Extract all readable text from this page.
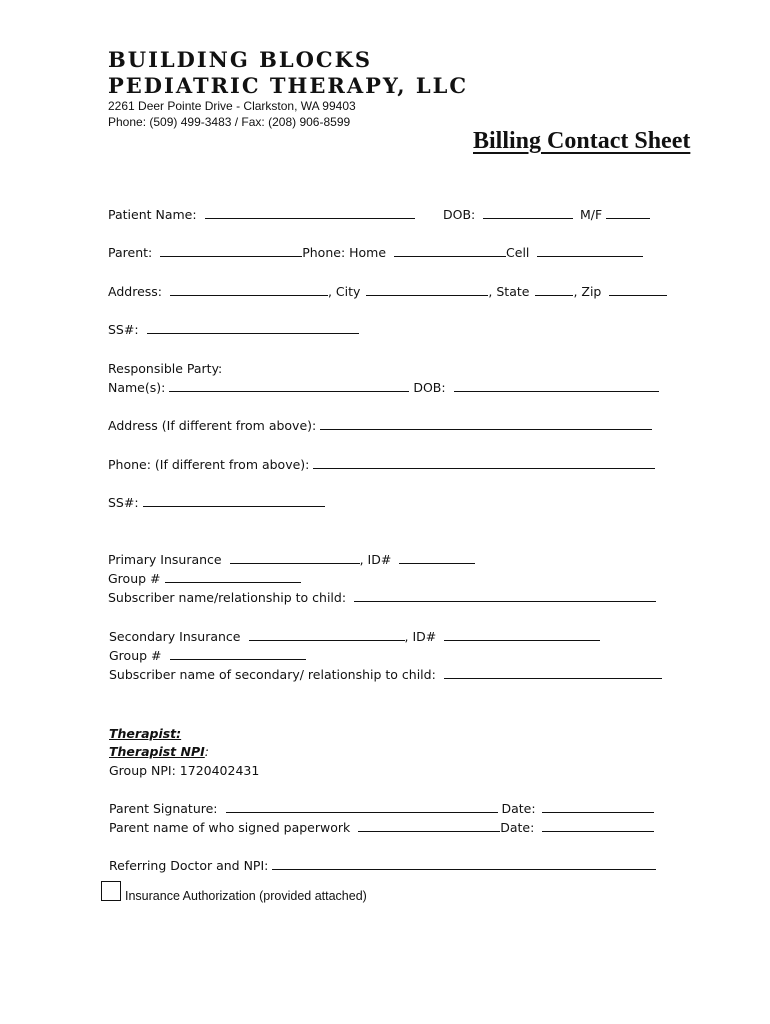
BUILDING BLOCKS
PEDIATRIC THERAPY, LLC
2261 Deer Pointe Drive - Clarkston, WA 99403
Phone: (509) 499-3483 / Fax: (208) 906-8599
Billing Contact Sheet
Patient Name:	DOB:	M/F
Parent:	Phone: Home	Cell
Address:	, City	, State	, Zip
SS#:
Responsible Party:
Name(s):	DOB:
Address (If different from above):
Phone: (If different from above):
SS#:
Primary Insurance	, ID#
Group #
Subscriber name/relationship to child:
Secondary Insurance	, ID#
Group #
Subscriber name of secondary/ relationship to child:
Therapist:
Therapist NPI:
Group NPI: 1720402431
Parent Signature:	Date:
Parent name of who signed paperwork	Date:
Referring Doctor and NPI:
Insurance Authorization (provided attached)
